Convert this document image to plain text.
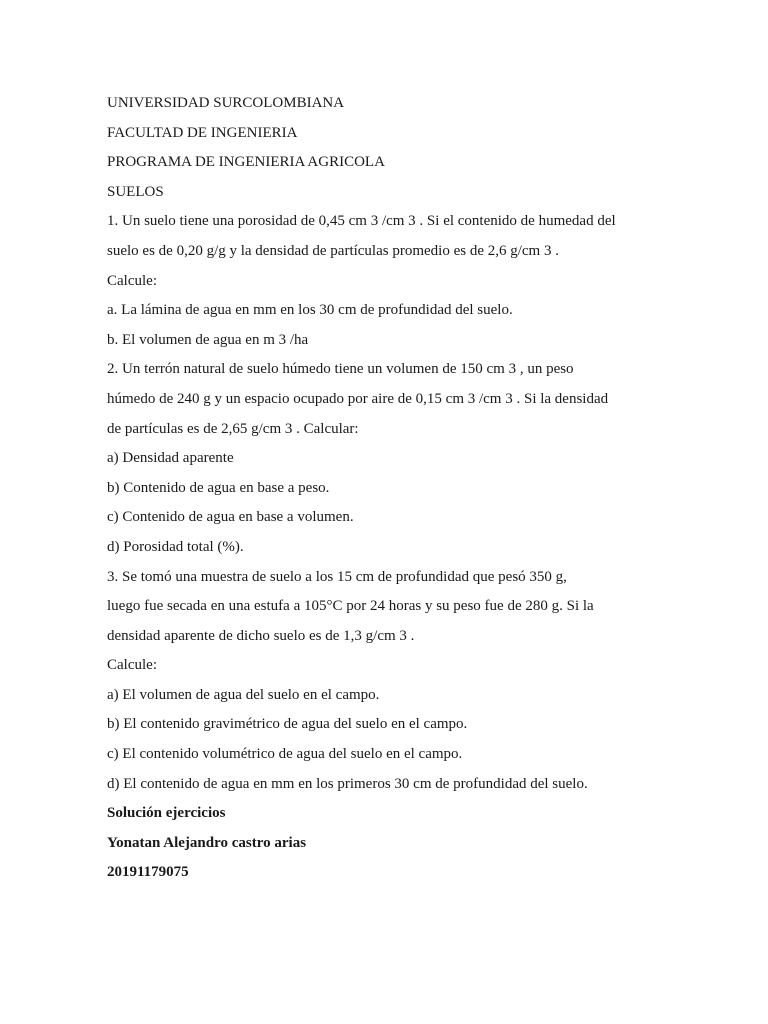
UNIVERSIDAD SURCOLOMBIANA

FACULTAD DE INGENIERIA

PROGRAMA DE INGENIERIA AGRICOLA

SUELOS

1. Un suelo tiene una porosidad de 0,45 cm 3 /cm 3 . Si el contenido de humedad del

suelo es de 0,20 g/g y la densidad de partículas promedio es de 2,6 g/cm 3 .

Calcule:

a. La lámina de agua en mm en los 30 cm de profundidad del suelo.

b. El volumen de agua en m 3 /ha

2. Un terrón natural de suelo húmedo tiene un volumen de 150 cm 3 , un peso

húmedo de 240 g y un espacio ocupado por aire de 0,15 cm 3 /cm 3 . Si la densidad

de partículas es de 2,65 g/cm 3 . Calcular:

a) Densidad aparente

b) Contenido de agua en base a peso.

c) Contenido de agua en base a volumen.

d) Porosidad total (%).

3. Se tomó una muestra de suelo a los 15 cm de profundidad que pesó 350 g,

luego fue secada en una estufa a 105°C por 24 horas y su peso fue de 280 g. Si la

densidad aparente de dicho suelo es de 1,3 g/cm 3 .

Calcule:

a) El volumen de agua del suelo en el campo.

b) El contenido gravimétrico de agua del suelo en el campo.

c) El contenido volumétrico de agua del suelo en el campo.

d) El contenido de agua en mm en los primeros 30 cm de profundidad del suelo.

Solución ejercicios

Yonatan Alejandro castro arias

20191179075
